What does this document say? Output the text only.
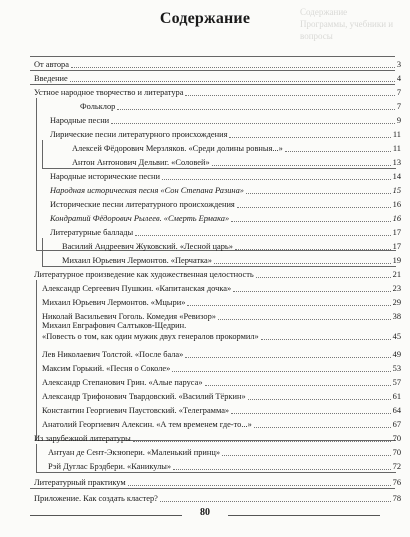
Содержание
Программы, учебники и вопросы
Содержание
От автора	3
Введение	4
Устное народное творчество и литература	7
Фольклор	7
Народные песни	9
Лирические песни литературного происхождения	11
Алексей Фёдорович Мерзляков. «Среди долины ровныя...»	11
Антон Антонович Дельвиг. «Соловей»	13
Народные исторические песни	14
Народная историческая песня «Сон Степана Разина»	15
Исторические песни литературного происхождения	16
Кондратий Фёдорович Рылеев. «Смерть Ермака»	16
Литературные баллады	17
Василий Андреевич Жуковский. «Лесной царь»	17
Михаил Юрьевич Лермонтов. «Перчатка»	19
Литературное произведение как художественная целостность	21
Александр Сергеевич Пушкин. «Капитанская дочка»	23
Михаил Юрьевич Лермонтов. «Мцыри»	29
Николай Васильевич Гоголь. Комедия «Ревизор»	38
Михаил Евграфович Салтыков-Щедрин.
«Повесть о том, как один мужик двух генералов прокормил»	45
Лев Николаевич Толстой. «После бала»	49
Максим Горький. «Песня о Соколе»	53
Александр Степанович Грин. «Алые паруса»	57
Александр Трифонович Твардовский. «Василий Тёркин»	61
Константин Георгиевич Паустовский. «Телеграмма»	64
Анатолий Георгиевич Алексин. «А тем временем где-то...»	67
Из зарубежной литературы	70
Антуан де Сент-Экзюпери. «Маленький принц»	70
Рэй Дуглас Брэдбери. «Каникулы»	72
Литературный практикум	76
Приложение. Как создать кластер?	78
80
